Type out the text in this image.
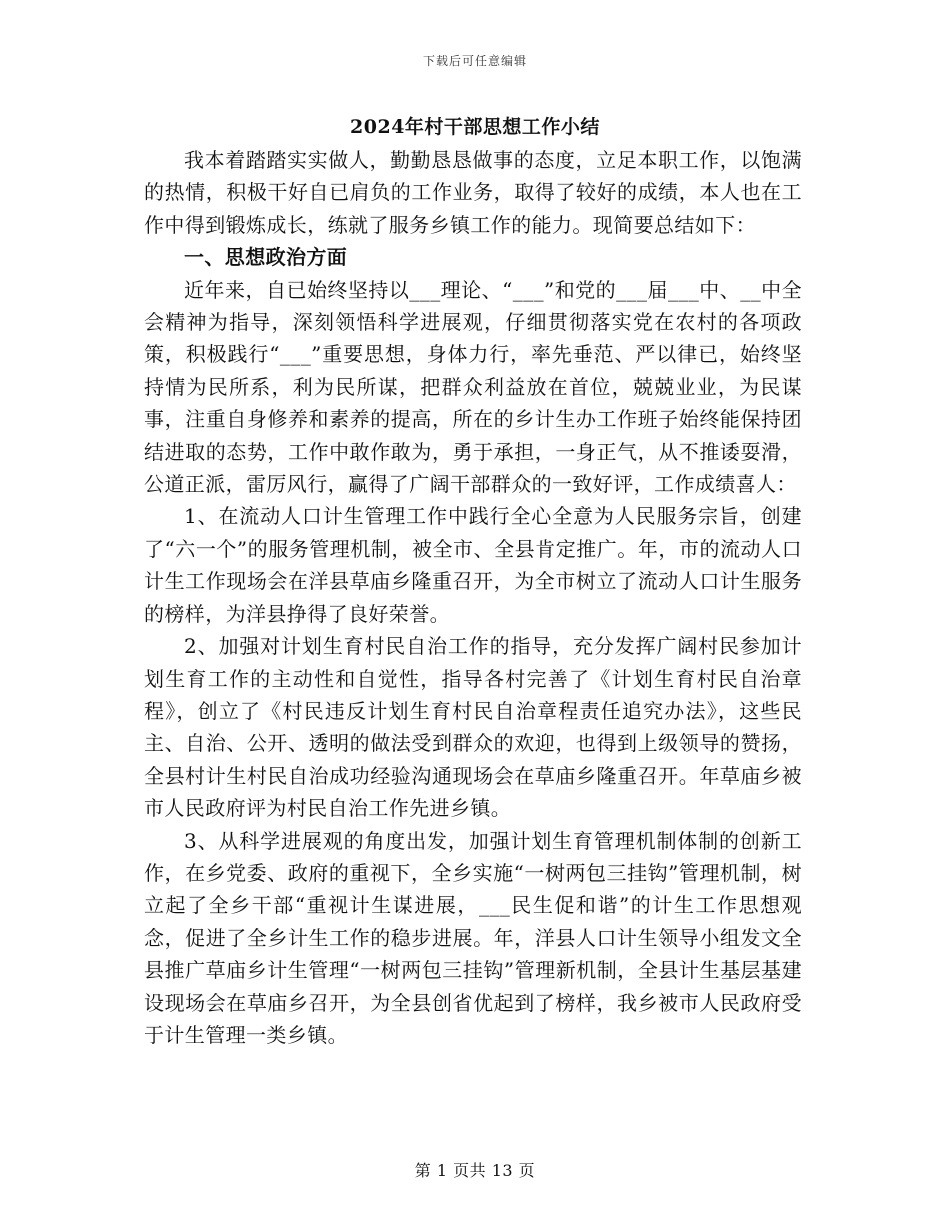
下载后可任意编辑
2024年村干部思想工作小结

我本着踏踏实实做人，勤勤恳恳做事的态度，立足本职工作，以饱满的热情，积极干好自已肩负的工作业务，取得了较好的成绩，本人也在工作中得到锻炼成长，练就了服务乡镇工作的能力。现简要总结如下：

一、思想政治方面

近年来，自已始终坚持以___理论、“___”和党的___届___中、__中全会精神为指导，深刻领悟科学进展观，仔细贯彻落实党在农村的各项政策，积极践行“___”重要思想，身体力行，率先垂范、严以律已，始终坚持情为民所系，利为民所谋，把群众利益放在首位，兢兢业业，为民谋事，注重自身修养和素养的提高，所在的乡计生办工作班子始终能保持团结进取的态势，工作中敢作敢为，勇于承担，一身正气，从不推诿耍滑，公道正派，雷厉风行，赢得了广阔干部群众的一致好评，工作成绩喜人：

1、在流动人口计生管理工作中践行全心全意为人民服务宗旨，创建了“六一个”的服务管理机制，被全市、全县肯定推广。年，市的流动人口计生工作现场会在洋县草庙乡隆重召开，为全市树立了流动人口计生服务的榜样，为洋县挣得了良好荣誉。

2、加强对计划生育村民自治工作的指导，充分发挥广阔村民参加计划生育工作的主动性和自觉性，指导各村完善了《计划生育村民自治章程》，创立了《村民违反计划生育村民自治章程责任追究办法》，这些民主、自治、公开、透明的做法受到群众的欢迎，也得到上级领导的赞扬，全县村计生村民自治成功经验沟通现场会在草庙乡隆重召开。年草庙乡被市人民政府评为村民自治工作先进乡镇。

3、从科学进展观的角度出发，加强计划生育管理机制体制的创新工作，在乡党委、政府的重视下，全乡实施“一树两包三挂钩”管理机制，树立起了全乡干部“重视计生谋进展，___民生促和谐”的计生工作思想观念，促进了全乡计生工作的稳步进展。年，洋县人口计生领导小组发文全县推广草庙乡计生管理“一树两包三挂钩”管理新机制，全县计生基层基建设现场会在草庙乡召开，为全县创省优起到了榜样，我乡被市人民政府受于计生管理一类乡镇。

第 1 页共 13 页
